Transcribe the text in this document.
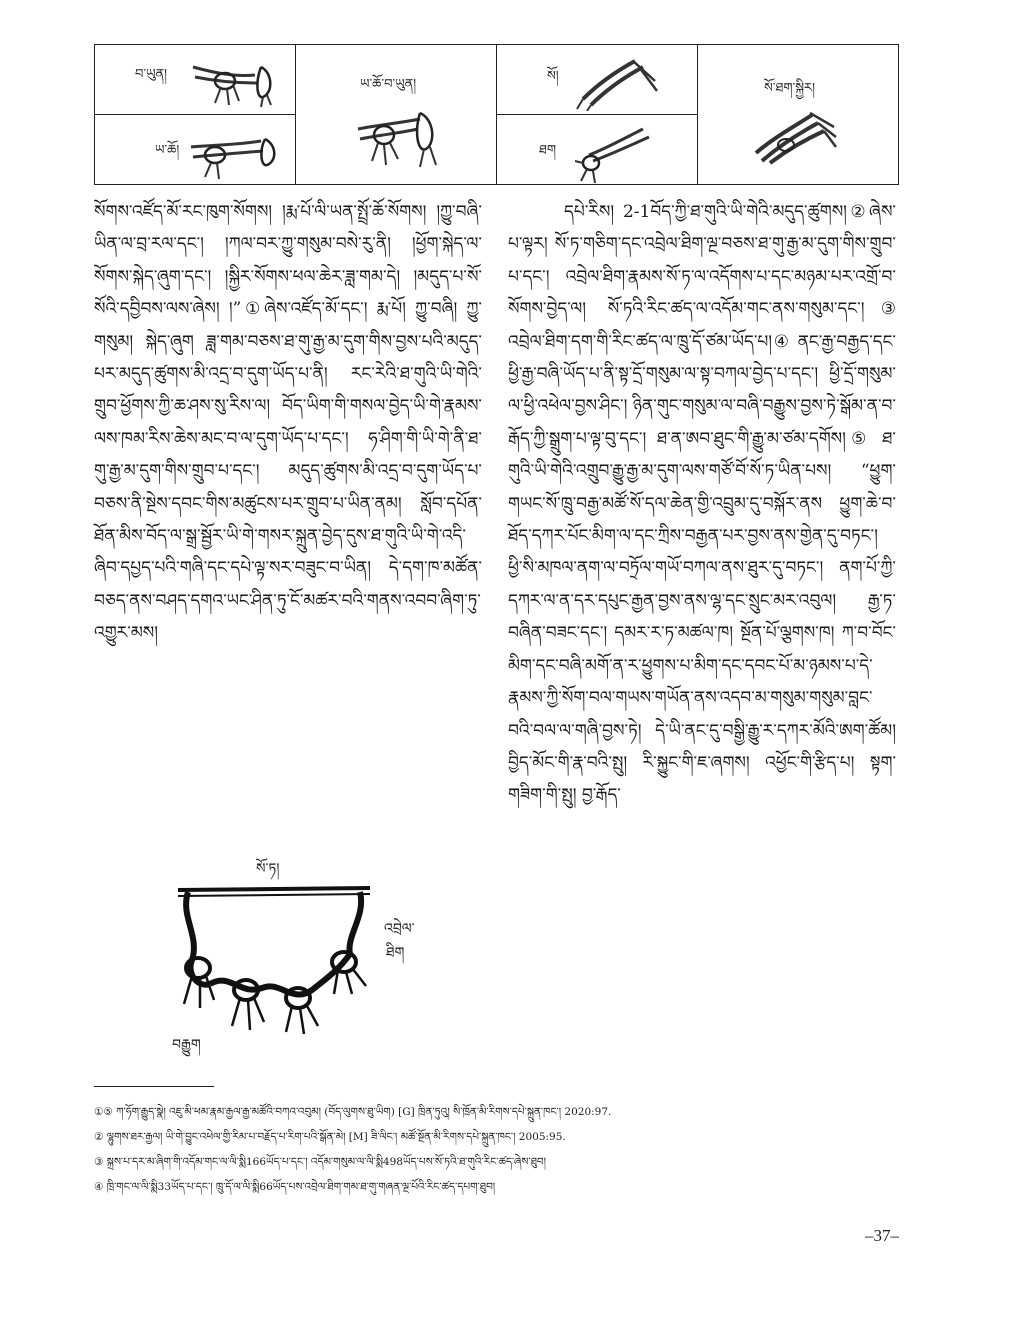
བ་ཡུན།	ཡ་ཆོ་བ་ཡུན།	སོ།	སོ་ཐག་སྐྱིར།

ཡ་ཆོ།		ཐག	

སོགས་འཛོད་མོ་རང་ཁུག་སོགས། །རྨ་པོ་ལི་ཡན་སྤྲོ་ཆོ་སོགས། །ཀྱུ་བཞི་ཡིན་ལ་བྲ་རལ་དང་། །ཀལ་བར་ཀྱུ་གསུམ་བསེ་རུ་ནི། །ཕྱོག་སྐེད་ལ་སོགས་སྐེད་ཞུག་དང་། །སྐྱིར་སོགས་ཕལ་ཆེར་ཟླ་གམ་དེ། །མདུད་པ་སོ་སོའི་དབྱིབས་ལས་ཞེས། །”①ཞེས་འཛོད་མོ་དང་། རྨ་པོ། ཀྱུ་བཞི། ཀྱུ་གསུམ། སྐེད་ཞུག ཟླ་གམ་བཅས་ཐ་གུ་རྒྱ་མ་དུག་གིས་བྱས་པའི་མདུད་པར་མདུད་ཚུགས་མི་འདྲ་བ་དུག་ཡོད་པ་ནི། རང་རེའི་ཐ་གུའི་ཡི་གེའི་གྲུབ་ཕྱོགས་ཀྱི་ཆ་ཤས་སུ་རིས་ལ། བོད་ཡིག་གི་གསལ་བྱེད་ཡི་གེ་རྣམས་ལས་ཁམ་རིས་ཆེས་མང་བ་ལ་དུག་ཡོད་པ་དང་། ཧ་ཤིག་གི་ཡི་གེ་ནི་ཐ་གུ་རྒྱ་མ་དུག་གིས་གྲུབ་པ་དང་། མདུད་ཚུགས་མི་འདྲ་བ་དུག་ཡོད་པ་བཅས་ནི་སྔེས་དབང་གིས་མཚུངས་པར་གྲུབ་པ་ཡིན་ནམ། སློབ་དཔོན་ཐོན་མིས་བོད་ལ་སྒྲ་སྦྱོར་ཡི་གེ་གསར་སྐྲུན་བྱེད་དུས་ཐ་གུའི་ཡི་གེ་འདི་ཞིབ་དཔྱད་པའི་གཞི་དང་དཔེ་ལྟ་སར་བཟུང་བ་ཡིན། དེ་དག་ཁ་མཚོན་བཅད་ནས་བཤད་དགའ་ཡང་ཤིན་ཏུ་ངོ་མཚར་བའི་གནས་འབབ་ཞིག་ཏུ་འགྱུར་མས།

སོ་ཏ།
འབྲེལ་
ཐིག
བརྒྱུག

དཔེ་རིས། 2-1བོད་ཀྱི་ཐ་གུའི་ཡི་གེའི་མདུད་ཚུགས།②ཞེས་པ་ལྟར། སོ་ཏ་གཅིག་དང་འབྲེལ་ཐིག་ལྔ་བཅས་ཐ་གུ་རྒྱ་མ་དུག་གིས་གྲུབ་པ་དང་། འབྲེལ་ཐིག་རྣམས་སོ་ཏ་ལ་འདོགས་པ་དང་མཉམ་པར་འགྲོ་བ་སོགས་བྱེད་ལ། སོ་ཏའི་རིང་ཚད་ལ་འདོམ་གང་ནས་གསུམ་དང་།③ འབྲེལ་ཐིག་དག་གི་རིང་ཚད་ལ་ཁྲུ་དོ་ཙམ་ཡོད་པ།④ ནང་རྒྱ་བརྒྱད་དང་ཕྱི་རྒྱ་བཞི་ཡོད་པ་ནི་སྟ་དྲོ་གསུམ་ལ་སྟ་བཀལ་བྱེད་པ་དང་། ཕྱི་དྲོ་གསུམ་ལ་ཕྱི་འཕེལ་བྱས་ཤིང་། ཉིན་གུང་གསུམ་ལ་བཞི་བརྒྱུས་བྱས་ཏེ་སྒོམ་ན་བ་རྒོད་ཀྱི་སྒྲུག་པ་ལྟ་བུ་དང་། ཐ་ན་ཨབ་ཐུང་གི་རྒྱུ་མ་ཙམ་དགོས།⑤ ཐ་གུའི་ཡི་གེའི་འགྲུབ་རྒྱུ་རྒྱ་མ་དུག་ལས་གཙོ་བོ་སོ་ཏ་ཡིན་པས། “ཕྱུག་གཡང་སོ་ཁྲུ་བརྒྱ་མཚོ་སོ་དལ་ཆེན་གྱི་འབྲུམ་དུ་བསྐོར་ནས ཕྱུག་ཆེ་བ་ཐོད་དཀར་པོང་མིག་ལ་དང་ཀྲིས་བརྒྱན་པར་བྱས་ནས་གྱེན་དུ་བཏང་། ཕྱི་སི་མཁལ་ནག་ལ་བཏྲོལ་གཡོ་བཀལ་ནས་ཐུར་དུ་བཏང་། ནག་པོ་ཀྱི་དཀར་ལ་ན་དར་དཔུང་རྒྱན་བྱས་ནས་ལྷ་དང་སྲུང་མར་འབུལ། རྒྱ་ཏ་བཞིན་བཟང་དང་། དམར་ར་ཏ་མཚལ་ཁ། སྔོན་པོ་ལྕགས་ཁ། ཀ་བ་བོང་མིག་དང་བཞི་མགོ་ན་ར་ཕྱུགས་པ་མིག་དང་དབང་པོ་མ་ཉམས་པ་དེ་རྣམས་ཀྱི་སོག་བལ་གཡས་གཡོན་ནས་འདབ་མ་གསུམ་གསུམ་བླང་བའི་བལ་ལ་གཞི་བྱས་ཏེ། དེ་ཡི་ནང་དུ་བསྒྱི་རྒྱུ་ར་དཀར་མོའི་ཨག་ཚོམ། བྱིད་མོང་གི་རྣ་བའི་སྤུ། རི་སྐྱུང་གི་ཇ་ཞགས། འཕྱོང་གི་རྩིད་པ། སྟག་གཟིག་གི་སྤུ། བྱ་རྒོད་

①⑤ ཀ་ཧོག་རྒྱུད་སྣེ། འཇུ་མི་ཕམ་རྣམ་རྒྱལ་རྒྱ་མཚོའི་བཀའ་འབུམ། (བོད་ལུགས་ཐུ་ཡིག) [G] ཁྲིན་ཏུའུ། སི་ཁྲོན་མི་རིགས་དཔེ་སྐྲུན་ཁང་། 2020:97.
② ལྷུགས་ཐར་རྒྱལ། ཡི་གེ་བྱུང་འཕེལ་གྱི་རིམ་པ་བརྗོད་པ་རིག་པའི་སྒོན་མེ། [M] ཟི་ལིང་། མཚོ་སྔོན་མི་རིགས་དཔེ་སྐྲུན་ཁང་། 2005:95.
③ སྐྲས་པ་དར་མ་ཞིག་གི་འདོམ་གང་ལ་ལི་སྨི166ཡོད་པ་དང་། འདོམ་གསུམ་ལ་ལི་སྨི498ཡོད་པས་སོ་ཏའི་ཐ་གུའི་རིང་ཚད་ཞེས་ཐུབ།
④ ཁྲི་གང་ལ་ལི་སྨི33ཡོད་པ་དང་། ཁྲུ་དོ་ལ་ལི་སྨི66ཡོད་པས་འབྲེལ་ཐིག་གམ་ཐ་གུ་གཞན་ལྔ་པོའི་རིང་ཚད་དཔག་ཐུབ།
–37–
